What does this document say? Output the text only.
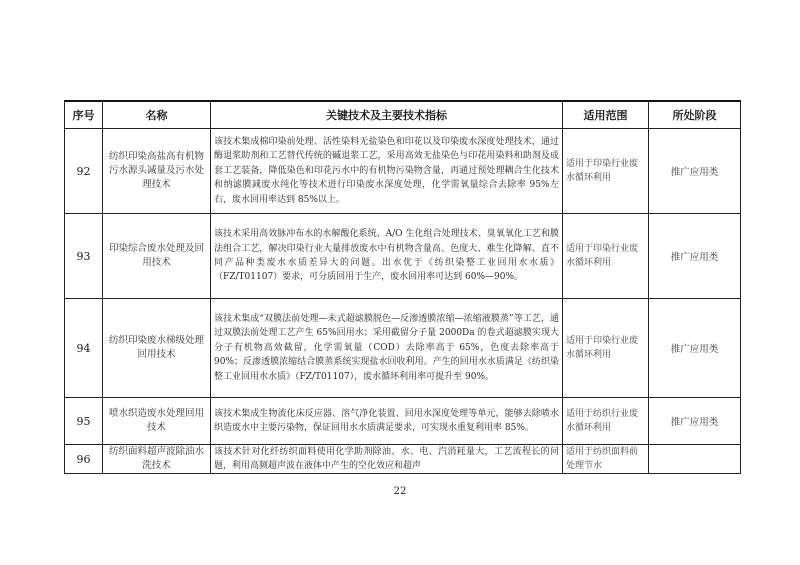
序号	名称	关键技术及主要技术指标	适用范围	所处阶段
92	纺织印染高盐高有机物污水源头减量及污水处理技术	该技术集成棉印染前处理、活性染料无盐染色和印花以及印染废水深度处理技术，通过酶退浆助剂和工艺替代传统的碱退浆工艺，采用高效无盐染色与印花用染料和助剂及成套工艺装备，降低染色和印花污水中的有机物污染物含量，再通过预处理耦合生化技术和纳滤膜减废水纯化等技术进行印染废水深度处理，化学需氧量综合去除率 95%左右，废水回用率达到 85%以上。	适用于印染行业废水循环利用	推广应用类
93	印染综合废水处理及回用技术	该技术采用高效脉冲布水的水解酸化系统、A/O 生化组合处理技术、臭氧氧化工艺和膜法组合工艺，解决印染行业大量排放废水中有机物含量高、色度大、难生化降解、直不同产品种类废水水质差异大的问题。出水优于《纺织染整工业回用水水质》（FZ/T01107）要求，可分质回用于生产，废水回用率可达到 60%—90%。	适用于印染行业废水循环利用	推广应用类
94	纺织印染废水梯级处理回用技术	该技术集成“双膜法前处理—未式超滤膜脱色—反渗透膜浓缩—浓缩液膜蒸”等工艺，通过双膜法前处理工艺产生 65%回用水；采用截留分子量 2000Da 的卷式超滤膜实现大分子有机物高效截留，化学需氧量（COD）去除率高于 65%，色度去除率高于 90%；反渗透膜浓缩结合膜蒸系统实现盐水回收利用。产生的回用水水质满足《纺织染整工业回用水水质》（FZ/T01107），废水循环利用率可提升至 90%。	适用于印染行业废水循环利用	推广应用类
95	喷水织造废水处理回用技术	该技术集成生物流化床反应器、溶气净化装置、回用水深度处理等单元，能够去除喷水织造废水中主要污染物，保证回用水水质满足要求，可实现水重复利用率 85%。	适用于纺织行业废水循环利用	推广应用类
96	纺织面料超声波除油水洗技术	该技术针对化纤纺织面料使用化学助剂除油、水、电、汽消耗量大，工艺流程长的问题，利用高频超声波在液体中产生的空化效应和超声	适用于纺织面料前处理节水	

22
